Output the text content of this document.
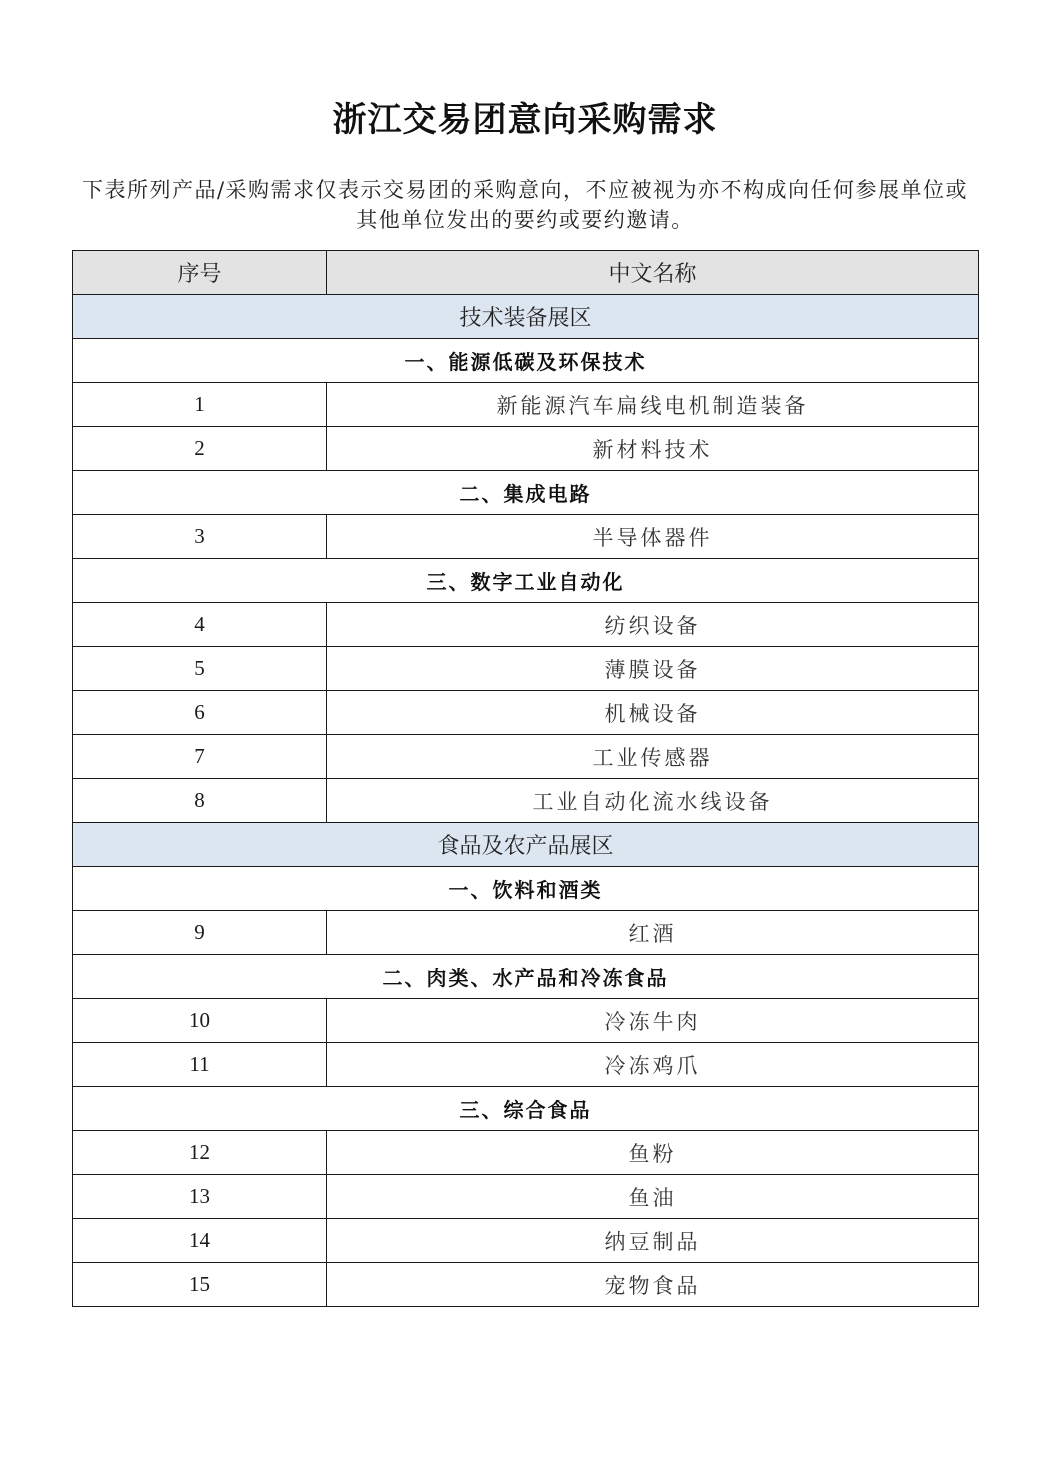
浙江交易团意向采购需求
下表所列产品/采购需求仅表示交易团的采购意向，不应被视为亦不构成向任何参展单位或其他单位发出的要约或要约邀请。
序号	中文名称
技术装备展区	
一、能源低碳及环保技术	
1	新能源汽车扁线电机制造装备
2	新材料技术
二、集成电路	
3	半导体器件
三、数字工业自动化	
4	纺织设备
5	薄膜设备
6	机械设备
7	工业传感器
8	工业自动化流水线设备
食品及农产品展区	
一、饮料和酒类	
9	红酒
二、肉类、水产品和冷冻食品	
10	冷冻牛肉
11	冷冻鸡爪
三、综合食品	
12	鱼粉
13	鱼油
14	纳豆制品
15	宠物食品
